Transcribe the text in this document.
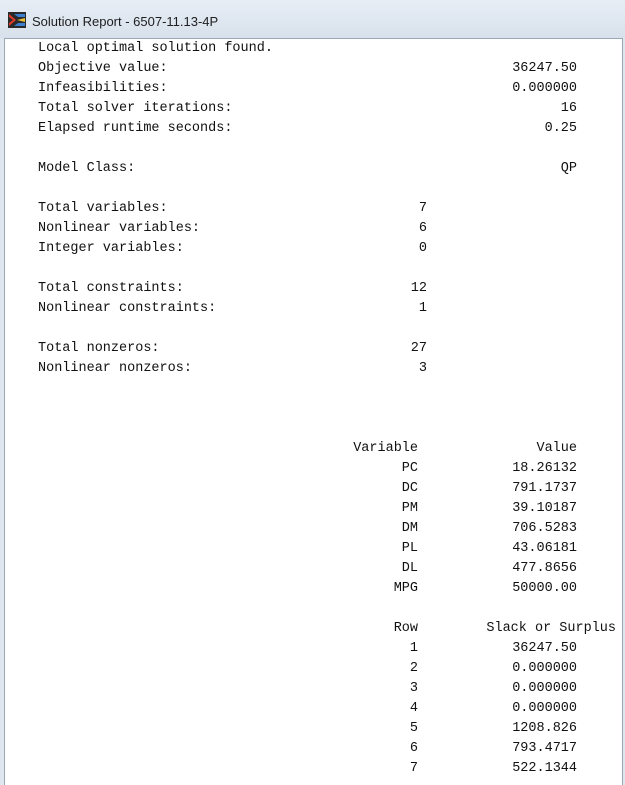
Solution Report - 6507-11.13-4P
Local optimal solution found.
Objective value:	36247.50
Infeasibilities:	0.000000
Total solver iterations:	16
Elapsed runtime seconds:	0.25
Model Class:	QP
Total variables:	7
Nonlinear variables:	6
Integer variables:	0
Total constraints:	12
Nonlinear constraints:	1
Total nonzeros:	27
Nonlinear nonzeros:	3
Variable	Value
PC	18.26132
DC	791.1737
PM	39.10187
DM	706.5283
PL	43.06181
DL	477.8656
MPG	50000.00
Row	Slack or Surplus
1	36247.50
2	0.000000
3	0.000000
4	0.000000
5	1208.826
6	793.4717
7	522.1344
